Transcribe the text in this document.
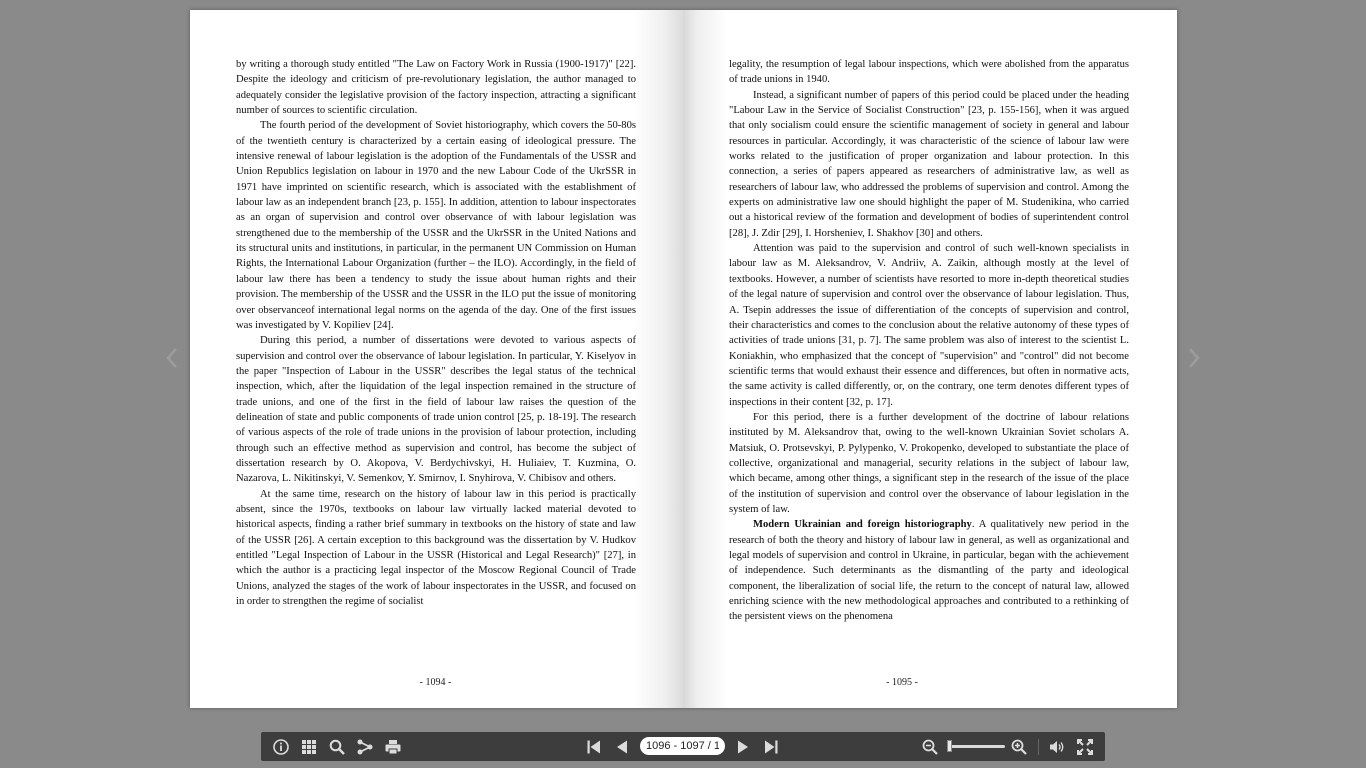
by writing a thorough study entitled "The Law on Factory Work in Russia (1900-1917)" [22]. Despite the ideology and criticism of pre-revolutionary legislation, the author managed to adequately consider the legislative provision of the factory inspection, attracting a significant number of sources to scientific circulation.

The fourth period of the development of Soviet historiography, which covers the 50-80s of the twentieth century is characterized by a certain easing of ideological pressure. The intensive renewal of labour legislation is the adoption of the Fundamentals of the USSR and Union Republics legislation on labour in 1970 and the new Labour Code of the UkrSSR in 1971 have imprinted on scientific research, which is associated with the establishment of labour law as an independent branch [23, p. 155]. In addition, attention to labour inspectorates as an organ of supervision and control over observance of with labour legislation was strengthened due to the membership of the USSR and the UkrSSR in the United Nations and its structural units and institutions, in particular, in the permanent UN Commission on Human Rights, the International Labour Organization (further – the ILO). Accordingly, in the field of labour law there has been a tendency to study the issue about human rights and their provision. The membership of the USSR and the USSR in the ILO put the issue of monitoring over observanceof international legal norms on the agenda of the day. One of the first issues was investigated by V. Kopiliev [24].

During this period, a number of dissertations were devoted to various aspects of supervision and control over the observance of labour legislation. In particular, Y. Kiselyov in the paper "Inspection of Labour in the USSR" describes the legal status of the technical inspection, which, after the liquidation of the legal inspection remained in the structure of trade unions, and one of the first in the field of labour law raises the question of the delineation of state and public components of trade union control [25, p. 18-19]. The research of various aspects of the role of trade unions in the provision of labour protection, including through such an effective method as supervision and control, has become the subject of dissertation research by O. Akopova, V. Berdychivskyi, H. Huliaiev, T. Kuzmina, O. Nazarova, L. Nikitinskyi, V. Semenkov, Y. Smirnov, I. Snyhirova, V. Chibisov and others.

At the same time, research on the history of labour law in this period is practically absent, since the 1970s, textbooks on labour law virtually lacked material devoted to historical aspects, finding a rather brief summary in textbooks on the history of state and law of the USSR [26]. A certain exception to this background was the dissertation by V. Hudkov entitled "Legal Inspection of Labour in the USSR (Historical and Legal Research)" [27], in which the author is a practicing legal inspector of the Moscow Regional Council of Trade Unions, analyzed the stages of the work of labour inspectorates in the USSR, and focused on in order to strengthen the regime of socialist

- 1094 -

legality, the resumption of legal labour inspections, which were abolished from the apparatus of trade unions in 1940.

Instead, a significant number of papers of this period could be placed under the heading "Labour Law in the Service of Socialist Construction" [23, p. 155-156], when it was argued that only socialism could ensure the scientific management of society in general and labour resources in particular. Accordingly, it was characteristic of the science of labour law were works related to the justification of proper organization and labour protection. In this connection, a series of papers appeared as researchers of administrative law, as well as researchers of labour law, who addressed the problems of supervision and control. Among the experts on administrative law one should highlight the paper of M. Studenikina, who carried out a historical review of the formation and development of bodies of superintendent control [28], J. Zdir [29], I. Horsheniev, I. Shakhov [30] and others.

Attention was paid to the supervision and control of such well-known specialists in labour law as M. Aleksandrov, V. Andriiv, A. Zaikin, although mostly at the level of textbooks. However, a number of scientists have resorted to more in-depth theoretical studies of the legal nature of supervision and control over the observance of labour legislation. Thus, A. Tsepin addresses the issue of differentiation of the concepts of supervision and control, their characteristics and comes to the conclusion about the relative autonomy of these types of activities of trade unions [31, p. 7]. The same problem was also of interest to the scientist L. Koniakhin, who emphasized that the concept of "supervision" and "control" did not become scientific terms that would exhaust their essence and differences, but often in normative acts, the same activity is called differently, or, on the contrary, one term denotes different types of inspections in their content [32, p. 17].

For this period, there is a further development of the doctrine of labour relations instituted by M. Aleksandrov that, owing to the well-known Ukrainian Soviet scholars A. Matsiuk, O. Protsevskyi, P. Pylypenko, V. Prokopenko, developed to substantiate the place of collective, organizational and managerial, security relations in the subject of labour law, which became, among other things, a significant step in the research of the issue of the place of the institution of supervision and control over the observance of labour legislation in the system of law.

Modern Ukrainian and foreign historiography. A qualitatively new period in the research of both the theory and history of labour law in general, as well as organizational and legal models of supervision and control in Ukraine, in particular, began with the achievement of independence. Such determinants as the dismantling of the party and ideological component, the liberalization of social life, the return to the concept of natural law, allowed enriching science with the new methodological approaches and contributed to a rethinking of the persistent views on the phenomena

- 1095 -
1096 - 1097 / 1832
